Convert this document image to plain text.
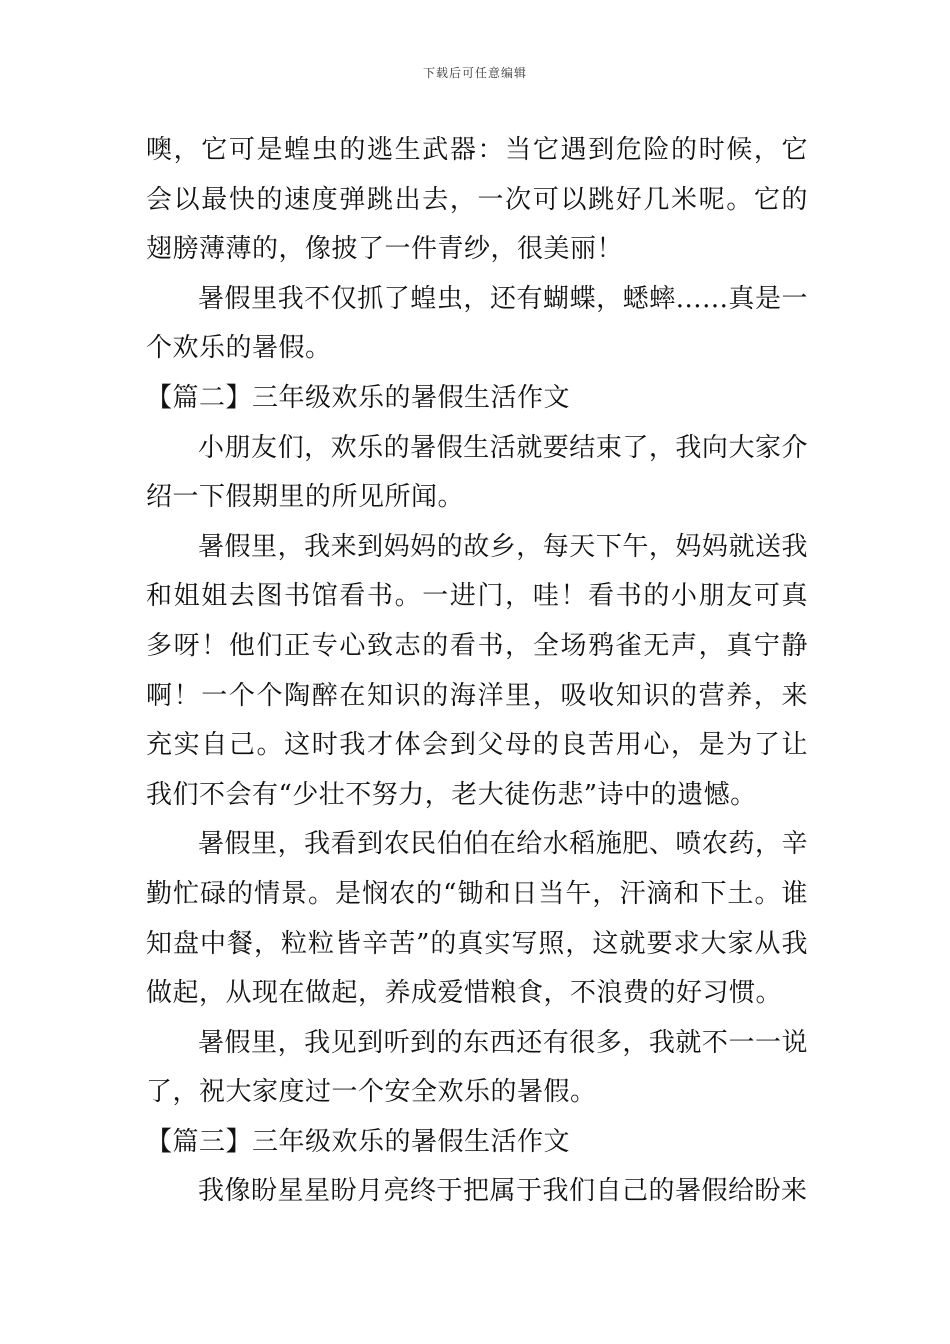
下载后可任意编辑

噢，它可是蝗虫的逃生武器：当它遇到危险的时候，它会以最快的速度弹跳出去，一次可以跳好几米呢。它的翅膀薄薄的，像披了一件青纱，很美丽！

暑假里我不仅抓了蝗虫，还有蝴蝶，蟋蟀......真是一个欢乐的暑假。

【篇二】三年级欢乐的暑假生活作文

小朋友们，欢乐的暑假生活就要结束了，我向大家介绍一下假期里的所见所闻。

暑假里，我来到妈妈的故乡，每天下午，妈妈就送我和姐姐去图书馆看书。一进门，哇！看书的小朋友可真多呀！他们正专心致志的看书，全场鸦雀无声，真宁静啊！一个个陶醉在知识的海洋里，吸收知识的营养，来充实自己。这时我才体会到父母的良苦用心，是为了让我们不会有“少壮不努力，老大徒伤悲”诗中的遗憾。

暑假里，我看到农民伯伯在给水稻施肥、喷农药，辛勤忙碌的情景。是悯农的“锄和日当午，汗滴和下土。谁知盘中餐，粒粒皆辛苦”的真实写照，这就要求大家从我做起，从现在做起，养成爱惜粮食，不浪费的好习惯。

暑假里，我见到听到的东西还有很多，我就不一一说了，祝大家度过一个安全欢乐的暑假。

【篇三】三年级欢乐的暑假生活作文

我像盼星星盼月亮终于把属于我们自己的暑假给盼来
